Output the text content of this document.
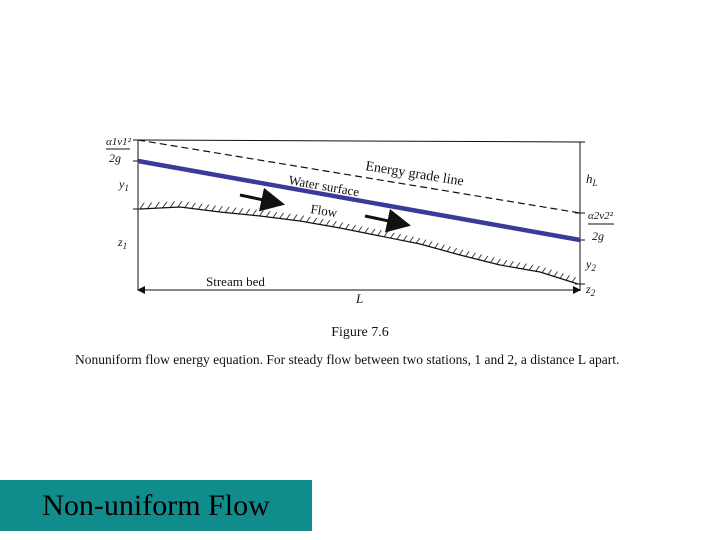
Energy grade line
Water surface
Flow
Stream bed
L
α1v1²
2g
$y_1$
$z_1$
$h_L$
α2v2²
2g
$y_2$
$z_2$
Figure 7.6
Nonuniform flow energy equation. For steady flow between two stations, 1 and 2, a distance L apart.
Non-uniform Flow
